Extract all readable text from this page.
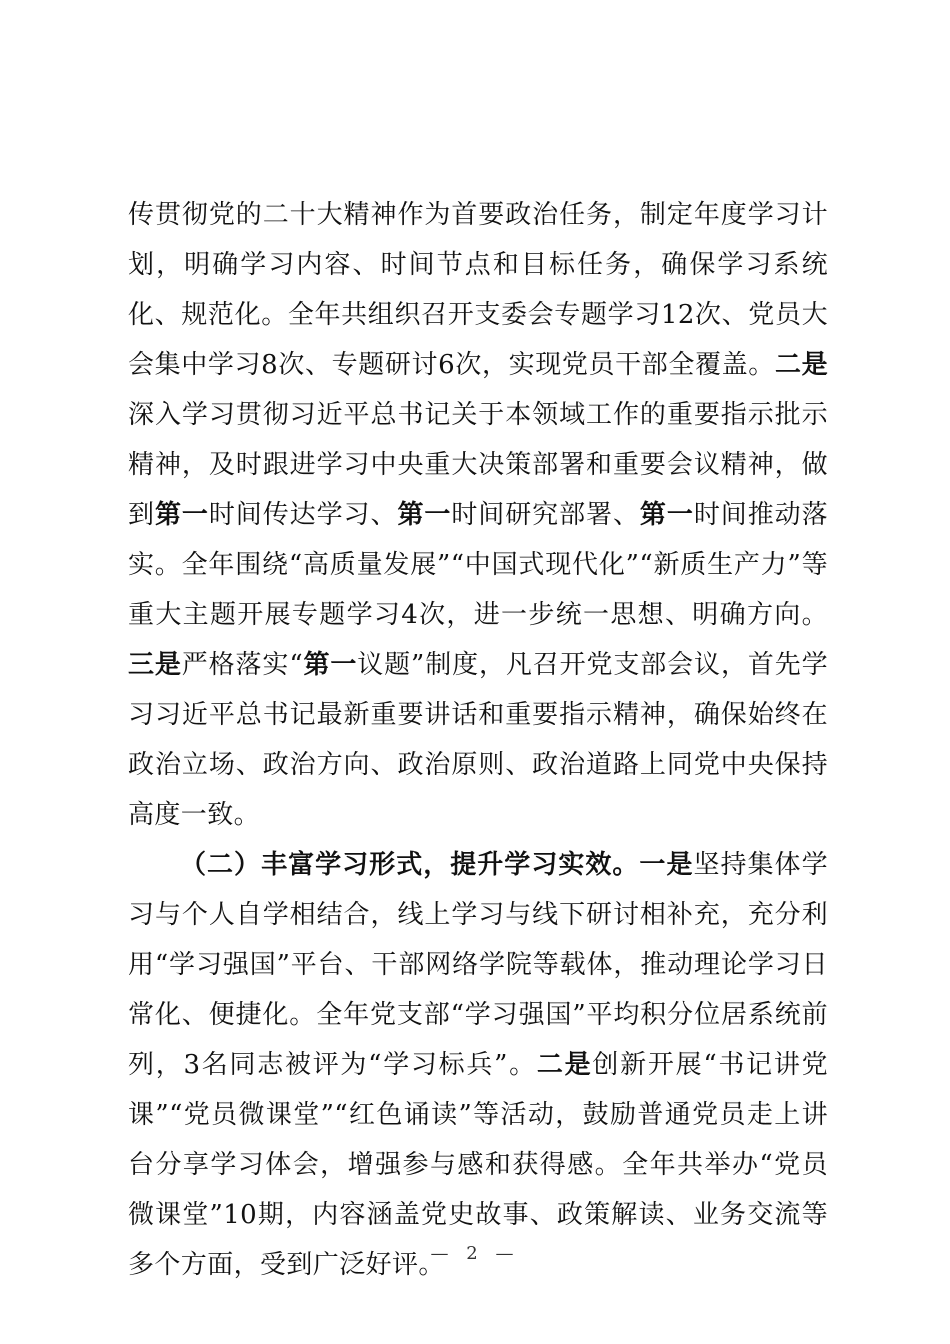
传贯彻党的二十大精神作为首要政治任务，制定年度学习计划，明确学习内容、时间节点和目标任务，确保学习系统化、规范化。全年共组织召开支委会专题学习12次、党员大会集中学习8次、专题研讨6次，实现党员干部全覆盖。二是深入学习贯彻习近平总书记关于本领域工作的重要指示批示精神，及时跟进学习中央重大决策部署和重要会议精神，做到第一时间传达学习、第一时间研究部署、第一时间推动落实。全年围绕“高质量发展”“中国式现代化”“新质生产力”等重大主题开展专题学习4次，进一步统一思想、明确方向。三是严格落实“第一议题”制度，凡召开党支部会议，首先学习习近平总书记最新重要讲话和重要指示精神，确保始终在政治立场、政治方向、政治原则、政治道路上同党中央保持高度一致。

（二）丰富学习形式，提升学习实效。一是坚持集体学习与个人自学相结合，线上学习与线下研讨相补充，充分利用“学习强国”平台、干部网络学院等载体，推动理论学习日常化、便捷化。全年党支部“学习强国”平均积分位居系统前列，3名同志被评为“学习标兵”。二是创新开展“书记讲党课”“党员微课堂”“红色诵读”等活动，鼓励普通党员走上讲台分享学习体会，增强参与感和获得感。全年共举办“党员微课堂”10期，内容涵盖党史故事、政策解读、业务交流等多个方面，受到广泛好评。

— 2 —
